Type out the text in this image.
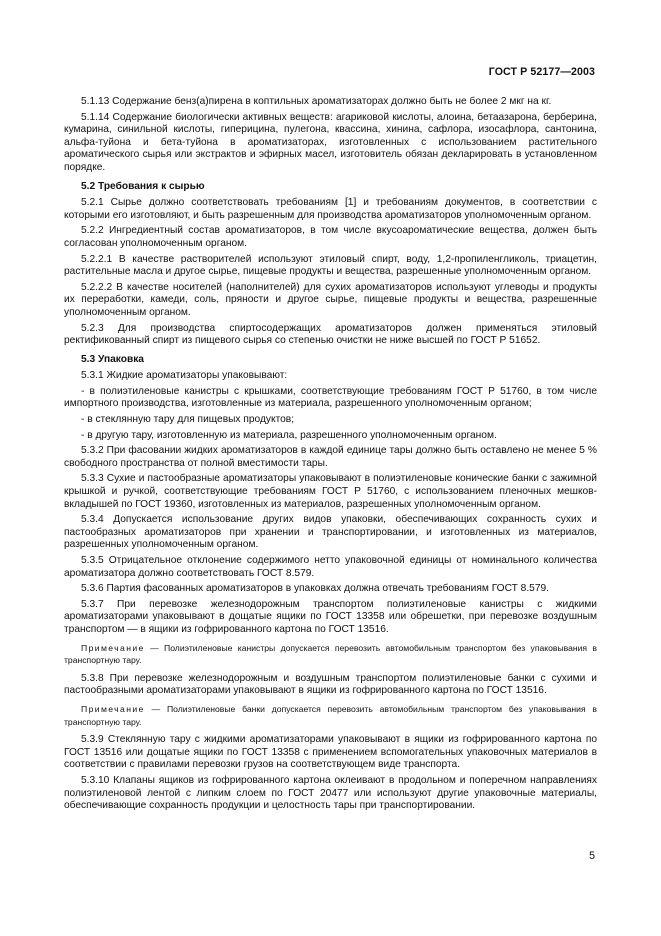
ГОСТ Р 52177—2003
5.1.13 Содержание бенз(а)пирена в коптильных ароматизаторах должно быть не более 2 мкг на кг.
5.1.14 Содержание биологически активных веществ: агариковой кислоты, алоина, бетаазарона, берберина, кумарина, синильной кислоты, гиперицина, пулегона, квассина, хинина, сафлора, изосафлора, сантонина, альфа-туйона и бета-туйона в ароматизаторах, изготовленных с использованием растительного ароматического сырья или экстрактов и эфирных масел, изготовитель обязан декларировать в установленном порядке.
5.2 Требования к сырью
5.2.1 Сырье должно соответствовать требованиям [1] и требованиям документов, в соответствии с которыми его изготовляют, и быть разрешенным для производства ароматизаторов уполномоченным органом.
5.2.2 Ингредиентный состав ароматизаторов, в том числе вкусоароматические вещества, должен быть согласован уполномоченным органом.
5.2.2.1 В качестве растворителей используют этиловый спирт, воду, 1,2-пропиленгликоль, триацетин, растительные масла и другое сырье, пищевые продукты и вещества, разрешенные уполномоченным органом.
5.2.2.2 В качестве носителей (наполнителей) для сухих ароматизаторов используют углеводы и продукты их переработки, камеди, соль, пряности и другое сырье, пищевые продукты и вещества, разрешенные уполномоченным органом.
5.2.3 Для производства спиртосодержащих ароматизаторов должен применяться этиловый ректификованный спирт из пищевого сырья со степенью очистки не ниже высшей по ГОСТ Р 51652.
5.3 Упаковка
5.3.1 Жидкие ароматизаторы упаковывают:
- в полиэтиленовые канистры с крышками, соответствующие требованиям ГОСТ Р 51760, в том числе импортного производства, изготовленные из материала, разрешенного уполномоченным органом;
- в стеклянную тару для пищевых продуктов;
- в другую тару, изготовленную из материала, разрешенного уполномоченным органом.
5.3.2 При фасовании жидких ароматизаторов в каждой единице тары должно быть оставлено не менее 5 % свободного пространства от полной вместимости тары.
5.3.3 Сухие и пастообразные ароматизаторы упаковывают в полиэтиленовые конические банки с зажимной крышкой и ручкой, соответствующие требованиям ГОСТ Р 51760, с использованием пленочных мешков-вкладышей по ГОСТ 19360, изготовленных из материалов, разрешенных уполномоченным органом.
5.3.4 Допускается использование других видов упаковки, обеспечивающих сохранность сухих и пастообразных ароматизаторов при хранении и транспортировании, и изготовленных из материалов, разрешенных уполномоченным органом.
5.3.5 Отрицательное отклонение содержимого нетто упаковочной единицы от номинального количества ароматизатора должно соответствовать ГОСТ 8.579.
5.3.6 Партия фасованных ароматизаторов в упаковках должна отвечать требованиям ГОСТ 8.579.
5.3.7 При перевозке железнодорожным транспортом полиэтиленовые канистры с жидкими ароматизаторами упаковывают в дощатые ящики по ГОСТ 13358 или обрешетки, при перевозке воздушным транспортом — в ящики из гофрированного картона по ГОСТ 13516.
Примечание — Полиэтиленовые канистры допускается перевозить автомобильным транспортом без упаковывания в транспортную тару.
5.3.8 При перевозке железнодорожным и воздушным транспортом полиэтиленовые банки с сухими и пастообразными ароматизаторами упаковывают в ящики из гофрированного картона по ГОСТ 13516.
Примечание — Полиэтиленовые банки допускается перевозить автомобильным транспортом без упаковывания в транспортную тару.
5.3.9 Стеклянную тару с жидкими ароматизаторами упаковывают в ящики из гофрированного картона по ГОСТ 13516 или дощатые ящики по ГОСТ 13358 с применением вспомогательных упаковочных материалов в соответствии с правилами перевозки грузов на соответствующем виде транспорта.
5.3.10 Клапаны ящиков из гофрированного картона оклеивают в продольном и поперечном направлениях полиэтиленовой лентой с липким слоем по ГОСТ 20477 или используют другие упаковочные материалы, обеспечивающие сохранность продукции и целостность тары при транспортировании.
5
